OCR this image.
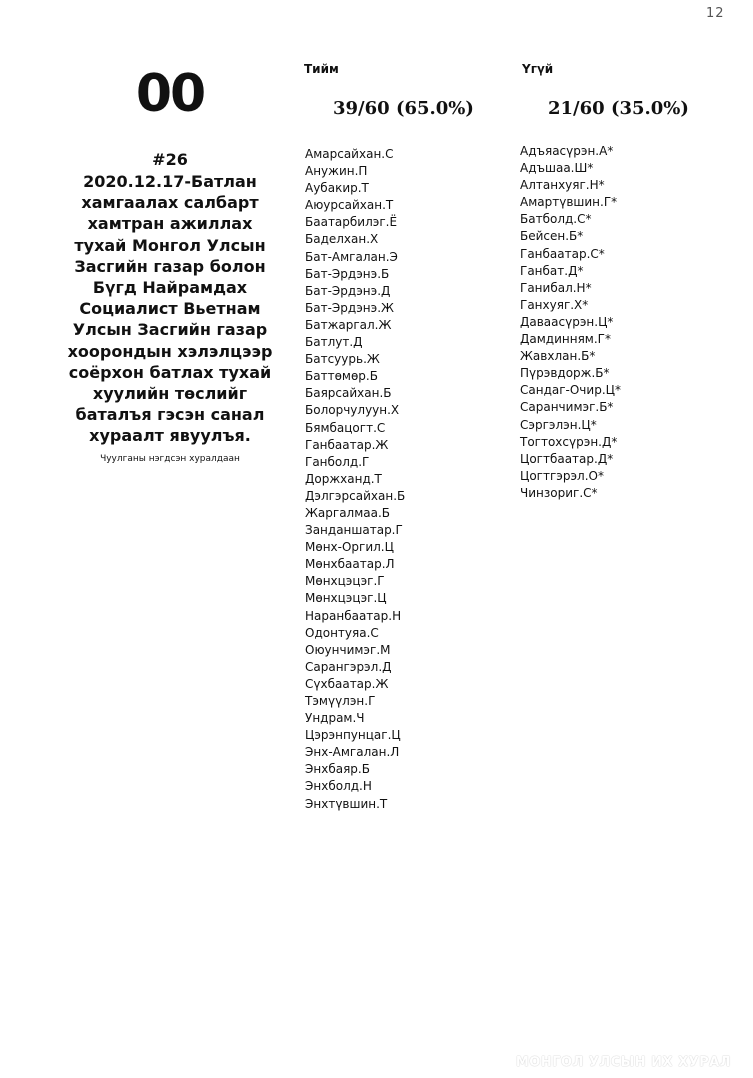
12
00
#26
2020.12.17-Батлан хамгаалах салбарт хамтран ажиллах тухай Монгол Улсын Засгийн газар болон Бүгд Найрамдах Социалист Вьетнам Улсын Засгийн газар хоорондын хэлэлцээр соёрхон батлах тухай хуулийн төслийг баталъя гэсэн санал хураалт явуулъя.
Чуулганы нэгдсэн хуралдаан
Тийм
39/60 (65.0%)
Амарсайхан.С
Анужин.П
Аубакир.Т
Аюурсайхан.Т
Баатарбилэг.Ё
Баделхан.Х
Бат-Амгалан.Э
Бат-Эрдэнэ.Б
Бат-Эрдэнэ.Д
Бат-Эрдэнэ.Ж
Батжаргал.Ж
Батлут.Д
Батсуурь.Ж
Баттөмөр.Б
Баярсайхан.Б
Болорчулуун.Х
Бямбацогт.С
Ганбаатар.Ж
Ганболд.Г
Доржханд.Т
Дэлгэрсайхан.Б
Жаргалмаа.Б
Занданшатар.Г
Мөнх-Оргил.Ц
Мөнхбаатар.Л
Мөнхцэцэг.Г
Мөнхцэцэг.Ц
Наранбаатар.Н
Одонтуяа.С
Оюунчимэг.М
Сарангэрэл.Д
Сүхбаатар.Ж
Тэмүүлэн.Г
Ундрам.Ч
Цэрэнпунцаг.Ц
Энх-Амгалан.Л
Энхбаяр.Б
Энхболд.Н
Энхтүвшин.Т
Үгүй
21/60 (35.0%)
Адъяасүрэн.А*
Адъшаа.Ш*
Алтанхуяг.Н*
Амартүвшин.Г*
Батболд.С*
Бейсен.Б*
Ганбаатар.С*
Ганбат.Д*
Ганибал.Н*
Ганхуяг.Х*
Даваасүрэн.Ц*
Дамдинням.Г*
Жавхлан.Б*
Пүрэвдорж.Б*
Сандаг-Очир.Ц*
Саранчимэг.Б*
Сэргэлэн.Ц*
Тогтохсүрэн.Д*
Цогтбаатар.Д*
Цогтгэрэл.О*
Чинзориг.С*
МОНГОЛ УЛСЫН ИХ ХУРАЛ
